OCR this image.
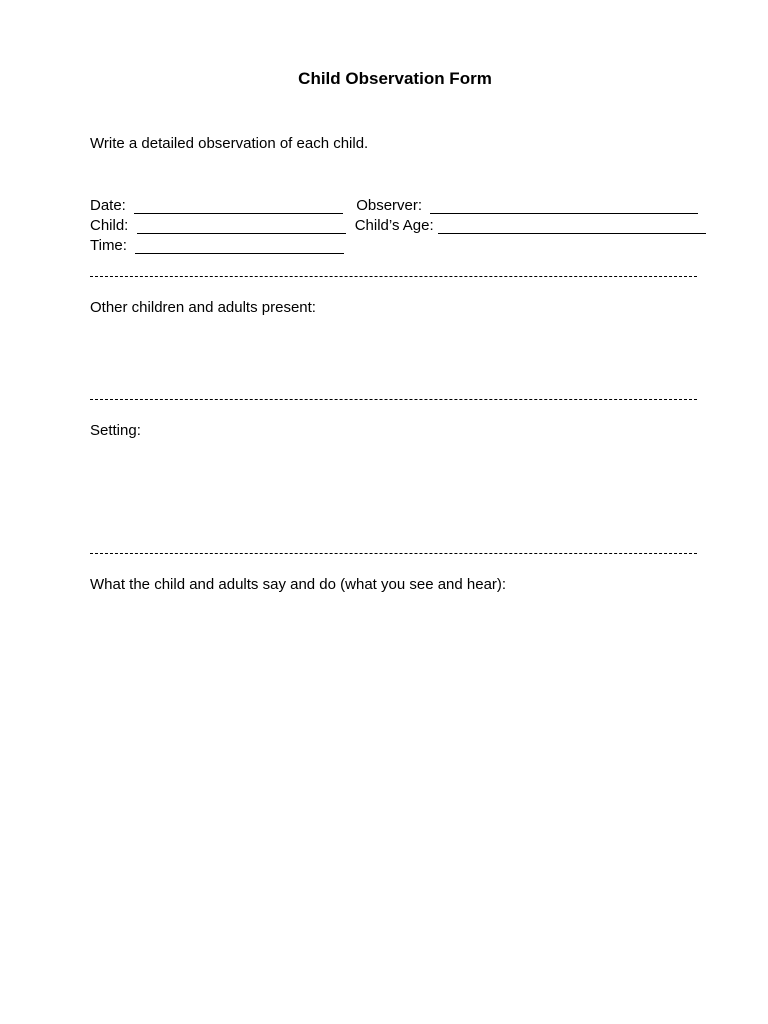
Child Observation Form
Write a detailed observation of each child.
Date:	Observer:
Child:	Child’s Age:
Time:
Other children and adults present:
Setting:
What the child and adults say and do (what you see and hear):
